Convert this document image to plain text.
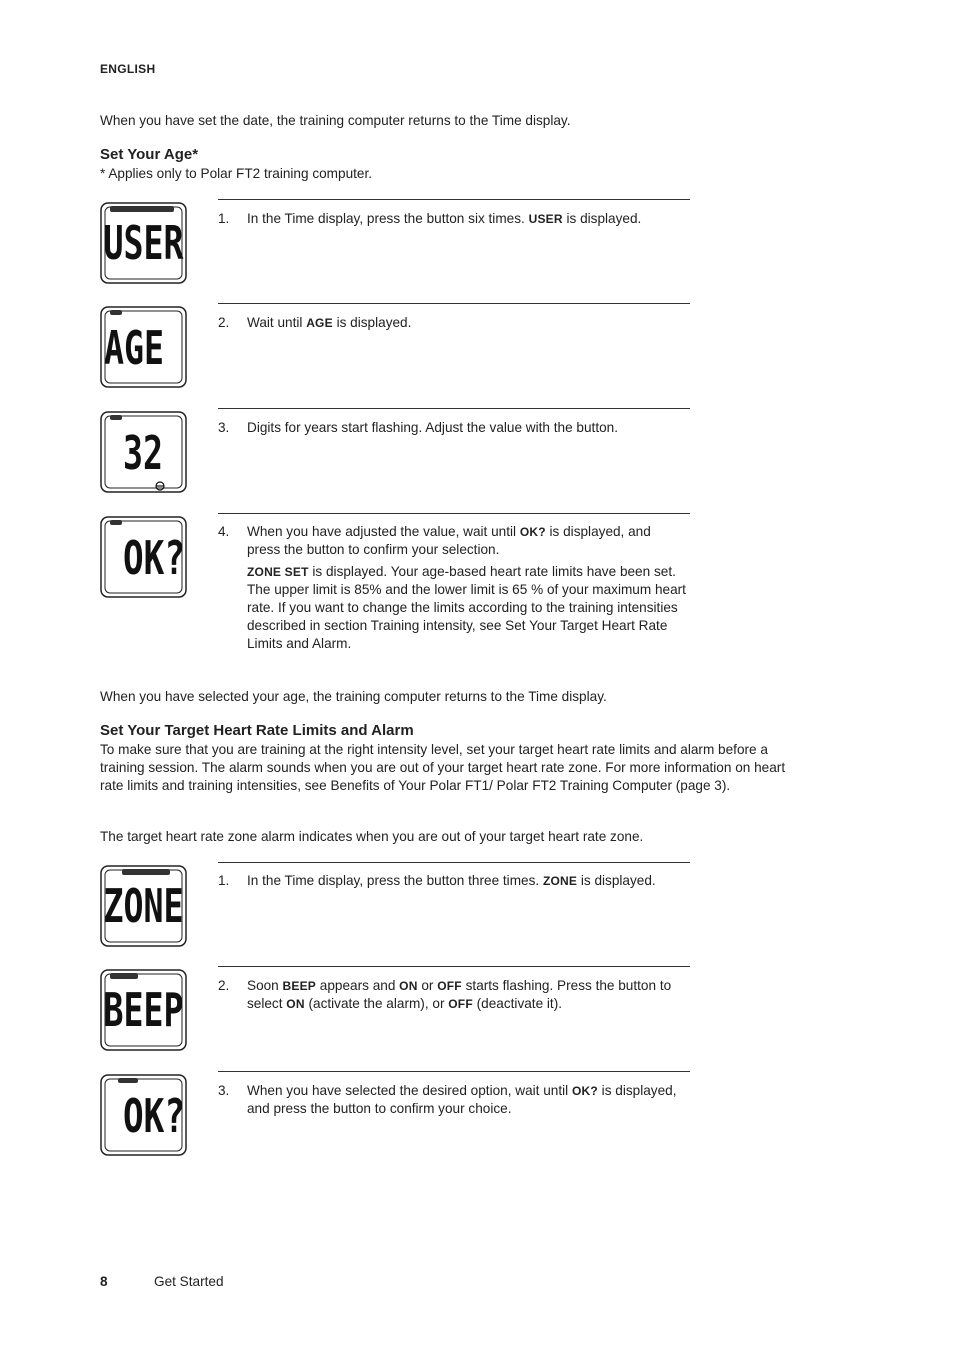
ENGLISH
When you have set the date, the training computer returns to the Time display.
Set Your Age*
* Applies only to Polar FT2 training computer.
USER	1.	In the Time display, press the button six times. USER is displayed.
AGE	2.	Wait until AGE is displayed.
32	3.	Digits for years start flashing. Adjust the value with the button.
OK? 4.	When you have adjusted the value, wait until OK? is displayed, and press the button to confirm your selection.
ZONE SET is displayed. Your age-based heart rate limits have been set. The upper limit is 85% and the lower limit is 65 % of your maximum heart rate. If you want to change the limits according to the training intensities described in section Training intensity, see Set Your Target Heart Rate Limits and Alarm.
When you have selected your age, the training computer returns to the Time display.
Set Your Target Heart Rate Limits and Alarm
To make sure that you are training at the right intensity level, set your target heart rate limits and alarm before a training session. The alarm sounds when you are out of your target heart rate zone. For more information on heart rate limits and training intensities, see Benefits of Your Polar FT1/ Polar FT2 Training Computer (page 3).
The target heart rate zone alarm indicates when you are out of your target heart rate zone.
ZONE	1.	In the Time display, press the button three times. ZONE is displayed.
BEEP	2.	Soon BEEP appears and ON or OFF starts flashing. Press the button to select ON (activate the alarm), or OFF (deactivate it).
OK? 3.	When you have selected the desired option, wait until OK? is displayed, and press the button to confirm your choice.
8	Get Started
